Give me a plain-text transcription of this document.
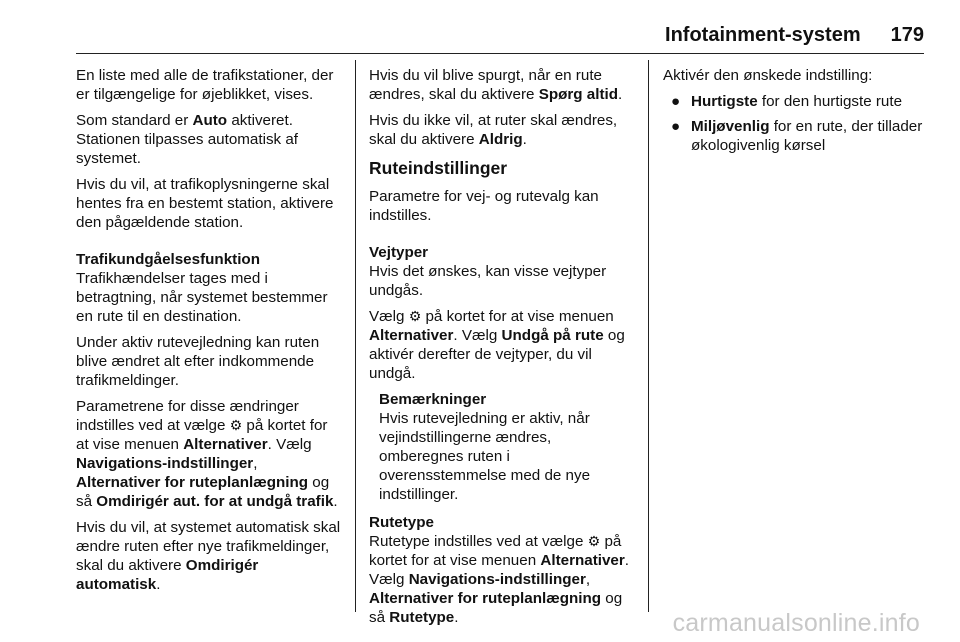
Infotainment-system 179

En liste med alle de trafikstationer, der er tilgængelige for øjeblikket, vises.

Som standard er Auto aktiveret. Stationen tilpasses automatisk af systemet.

Hvis du vil, at trafikoplysningerne skal hentes fra en bestemt station, aktivere den pågældende station.

Trafikundgåelsesfunktion

Trafikhændelser tages med i betragtning, når systemet bestemmer en rute til en destination.

Under aktiv rutevejledning kan ruten blive ændret alt efter indkommende trafikmeldinger.

Parametrene for disse ændringer indstilles ved at vælge ⚙ på kortet for at vise menuen Alternativer. Vælg Navigations-indstillinger, Alternativer for ruteplanlægning og så Omdirigér aut. for at undgå trafik.

Hvis du vil, at systemet automatisk skal ændre ruten efter nye trafikmeldinger, skal du aktivere Omdirigér automatisk.

Hvis du vil blive spurgt, når en rute ændres, skal du aktivere Spørg altid.

Hvis du ikke vil, at ruter skal ændres, skal du aktivere Aldrig.

Ruteindstillinger

Parametre for vej- og rutevalg kan indstilles.

Vejtyper

Hvis det ønskes, kan visse vejtyper undgås.

Vælg ⚙ på kortet for at vise menuen Alternativer. Vælg Undgå på rute og aktivér derefter de vejtyper, du vil undgå.

Bemærkninger
Hvis rutevejledning er aktiv, når vejindstillingerne ændres, omberegnes ruten i overensstemmelse med de nye indstillinger.

Rutetype

Rutetype indstilles ved at vælge ⚙ på kortet for at vise menuen Alternativer. Vælg Navigations-indstillinger, Alternativer for ruteplanlægning og så Rutetype.

Aktivér den ønskede indstilling:

● Hurtigste for den hurtigste rute
● Miljøvenlig for en rute, der tillader økologivenlig kørsel
carmanualsonline.info
